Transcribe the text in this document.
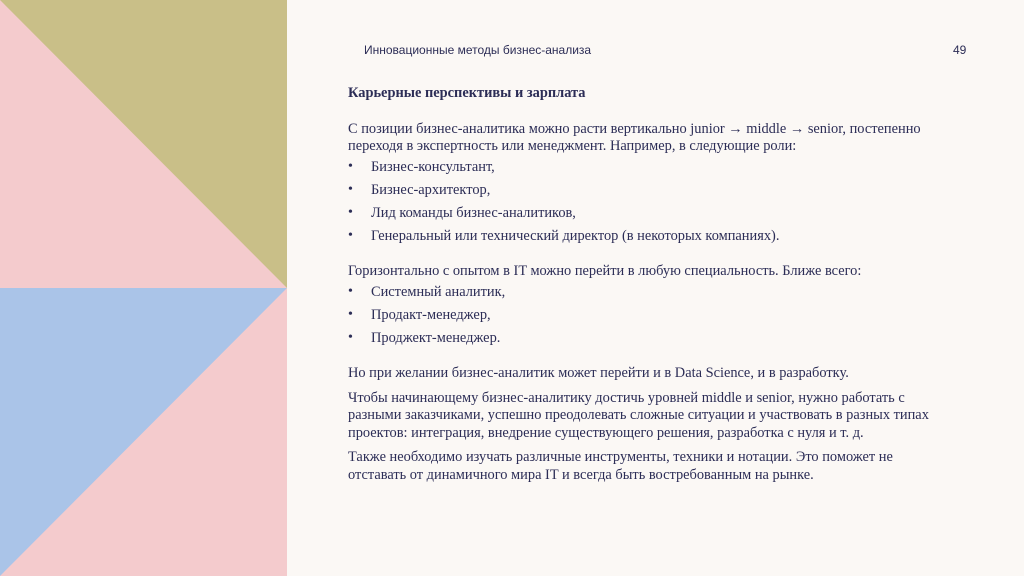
Инновационные методы бизнес-анализа	49

Карьерные перспективы и зарплата

С позиции бизнес-аналитика можно расти вертикально junior → middle → senior, постепенно переходя в экспертность или менеджмент. Например, в следующие роли:

• Бизнес-консультант,
• Бизнес-архитектор,
• Лид команды бизнес-аналитиков,
• Генеральный или технический директор (в некоторых компаниях).

Горизонтально с опытом в IT можно перейти в любую специальность. Ближе всего:

• Системный аналитик,
• Продакт-менеджер,
• Проджект-менеджер.

Но при желании бизнес-аналитик может перейти и в Data Science, и в разработку.

Чтобы начинающему бизнес-аналитику достичь уровней middle и senior, нужно работать с разными заказчиками, успешно преодолевать сложные ситуации и участвовать в разных типах проектов: интеграция, внедрение существующего решения, разработка с нуля и т. д.

Также необходимо изучать различные инструменты, техники и нотации. Это поможет не отставать от динамичного мира IT и всегда быть востребованным на рынке.
